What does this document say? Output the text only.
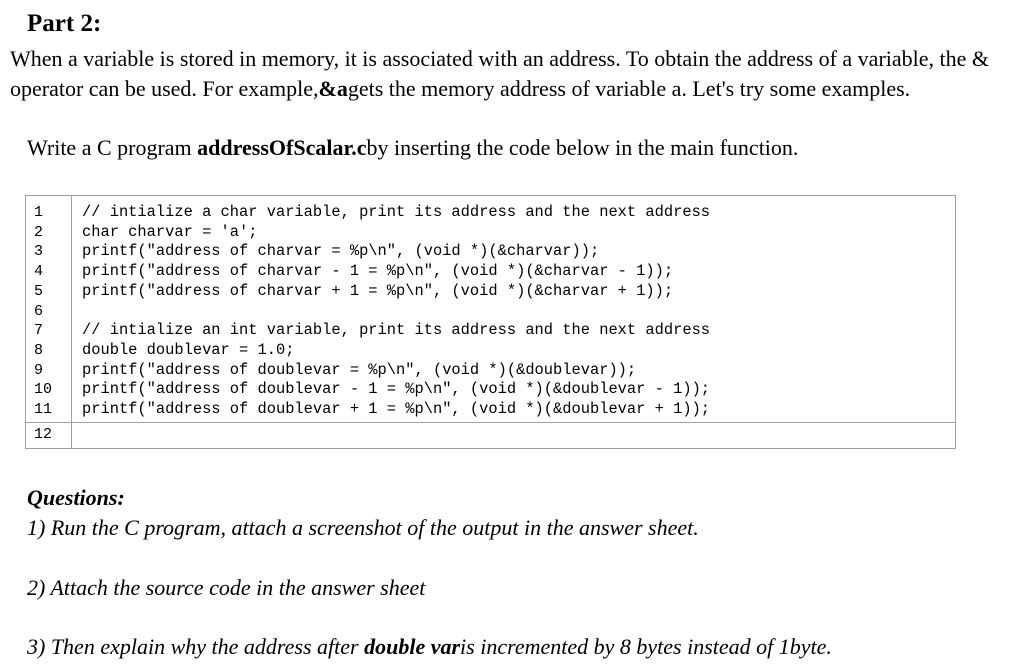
Part 2:
When a variable is stored in memory, it is associated with an address. To obtain the address of a variable, the & operator can be used. For example,&agets the memory address of variable a. Let's try some examples.
Write a C program addressOfScalar.cby inserting the code below in the main function.
1
2
3
4
5
6
7
8
9
10
11
// intialize a char variable, print its address and the next address
char charvar = 'a';
printf("address of charvar = %p\n", (void *)(&charvar));
printf("address of charvar - 1 = %p\n", (void *)(&charvar - 1));
printf("address of charvar + 1 = %p\n", (void *)(&charvar + 1));
// intialize an int variable, print its address and the next address
double doublevar = 1.0;
printf("address of doublevar = %p\n", (void *)(&doublevar));
printf("address of doublevar - 1 = %p\n", (void *)(&doublevar - 1));
printf("address of doublevar + 1 = %p\n", (void *)(&doublevar + 1));
12
Questions:
1) Run the C program, attach a screenshot of the output in the answer sheet.
2) Attach the source code in the answer sheet
3) Then explain why the address after double varis incremented by 8 bytes instead of 1byte.
